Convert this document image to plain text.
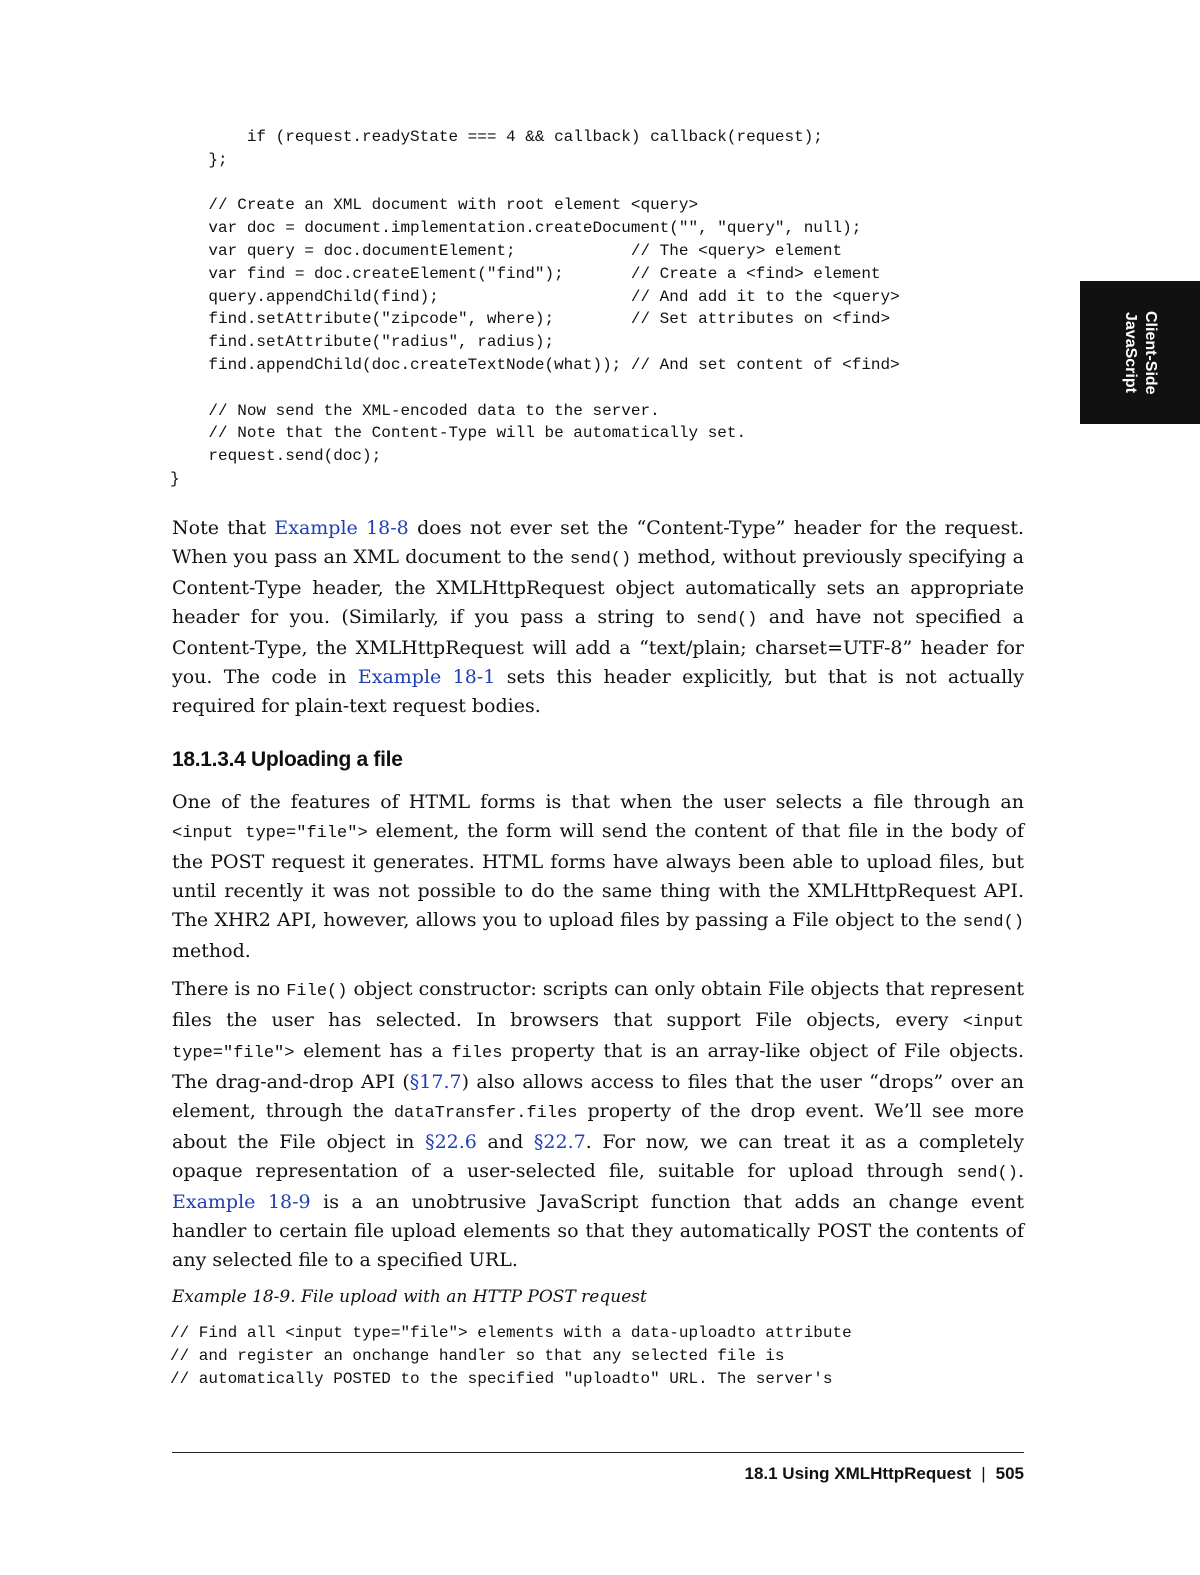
if (request.readyState === 4 && callback) callback(request);
};

// Create an XML document with root element <query>
var doc = document.implementation.createDocument("", "query", null);
var query = doc.documentElement;            // The <query> element
var find = doc.createElement("find");       // Create a <find> element
query.appendChild(find);                    // And add it to the <query>
find.setAttribute("zipcode", where);        // Set attributes on <find>
find.setAttribute("radius", radius);
find.appendChild(doc.createTextNode(what)); // And set content of <find>

// Now send the XML-encoded data to the server.
// Note that the Content-Type will be automatically set.
request.send(doc);
}
Client-Side
JavaScript

Note that Example 18-8 does not ever set the “Content-Type” header for the request. When you pass an XML document to the send() method, without previously specifying a Content-Type header, the XMLHttpRequest object automatically sets an appropriate header for you. (Similarly, if you pass a string to send() and have not specified a Content-Type, the XMLHttpRequest will add a “text/plain; charset=UTF-8” header for you. The code in Example 18-1 sets this header explicitly, but that is not actually required for plain-text request bodies.

18.1.3.4 Uploading a file

One of the features of HTML forms is that when the user selects a file through an <input type="file"> element, the form will send the content of that file in the body of the POST request it generates. HTML forms have always been able to upload files, but until recently it was not possible to do the same thing with the XMLHttpRequest API. The XHR2 API, however, allows you to upload files by passing a File object to the send() method.

There is no File() object constructor: scripts can only obtain File objects that represent files the user has selected. In browsers that support File objects, every <input type="file"> element has a files property that is an array-like object of File objects. The drag-and-drop API (§17.7) also allows access to files that the user “drops” over an element, through the dataTransfer.files property of the drop event. We’ll see more about the File object in §22.6 and §22.7. For now, we can treat it as a completely opaque representation of a user-selected file, suitable for upload through send(). Example 18-9 is a an unobtrusive JavaScript function that adds an change event handler to certain file upload elements so that they automatically POST the contents of any selected file to a specified URL.

Example 18-9. File upload with an HTTP POST request

// Find all <input type="file"> elements with a data-uploadto attribute
// and register an onchange handler so that any selected file is
// automatically POSTED to the specified "uploadto" URL. The server's
18.1 Using XMLHttpRequest | 505
